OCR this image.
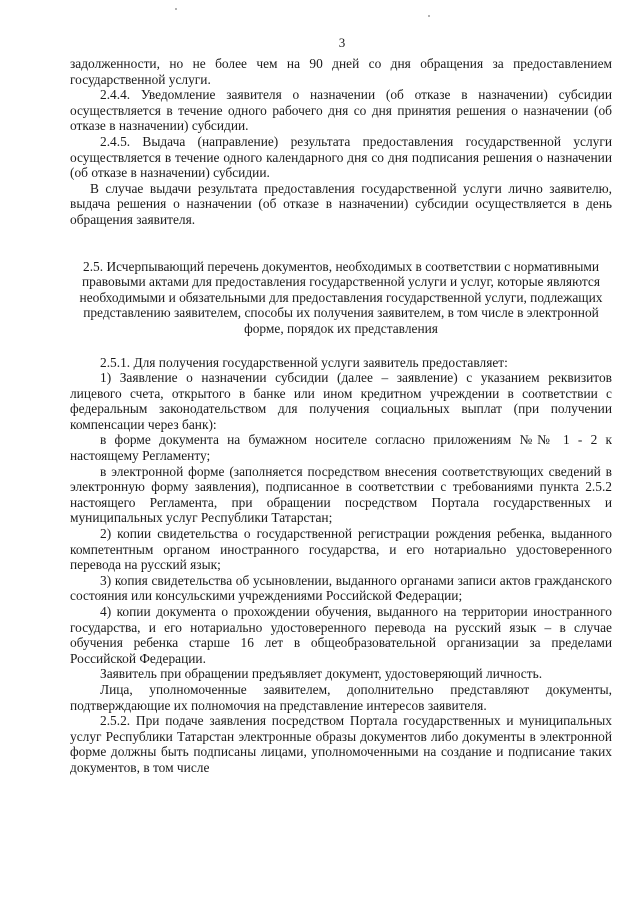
3

задолженности, но не более чем на 90 дней со дня обращения за предоставлением государственной услуги.

2.4.4. Уведомление заявителя о назначении (об отказе в назначении) субсидии осуществляется в течение одного рабочего дня со дня принятия решения о назначении (об отказе в назначении) субсидии.

2.4.5. Выдача (направление) результата предоставления государственной услуги осуществляется в течение одного календарного дня со дня подписания решения о назначении (об отказе в назначении) субсидии.

В случае выдачи результата предоставления государственной услуги лично заявителю, выдача решения о назначении (об отказе в назначении) субсидии осуществляется в день обращения заявителя.

2.5. Исчерпывающий перечень документов, необходимых в соответствии с нормативными правовыми актами для предоставления государственной услуги и услуг, которые являются необходимыми и обязательными для предоставления государственной услуги, подлежащих представлению заявителем, способы их получения заявителем, в том числе в электронной форме, порядок их представления

2.5.1. Для получения государственной услуги заявитель предоставляет:

1) Заявление о назначении субсидии (далее – заявление) с указанием реквизитов лицевого счета, открытого в банке или ином кредитном учреждении в соответствии с федеральным законодательством для получения социальных выплат (при получении компенсации через банк):

в форме документа на бумажном носителе согласно приложениям №№ 1 - 2 к настоящему Регламенту;

в электронной форме (заполняется посредством внесения соответствующих сведений в электронную форму заявления), подписанное в соответствии с требованиями пункта 2.5.2 настоящего Регламента, при обращении посредством Портала государственных и муниципальных услуг Республики Татарстан;

2) копии свидетельства о государственной регистрации рождения ребенка, выданного компетентным органом иностранного государства, и его нотариально удостоверенного перевода на русский язык;

3) копия свидетельства об усыновлении, выданного органами записи актов гражданского состояния или консульскими учреждениями Российской Федерации;

4) копии документа о прохождении обучения, выданного на территории иностранного государства, и его нотариально удостоверенного перевода на русский язык – в случае обучения ребенка старше 16 лет в общеобразовательной организации за пределами Российской Федерации.

Заявитель при обращении предъявляет документ, удостоверяющий личность.

Лица, уполномоченные заявителем, дополнительно представляют документы, подтверждающие их полномочия на представление интересов заявителя.

2.5.2. При подаче заявления посредством Портала государственных и муниципальных услуг Республики Татарстан электронные образы документов либо документы в электронной форме должны быть подписаны лицами, уполномоченными на создание и подписание таких документов, в том числе
